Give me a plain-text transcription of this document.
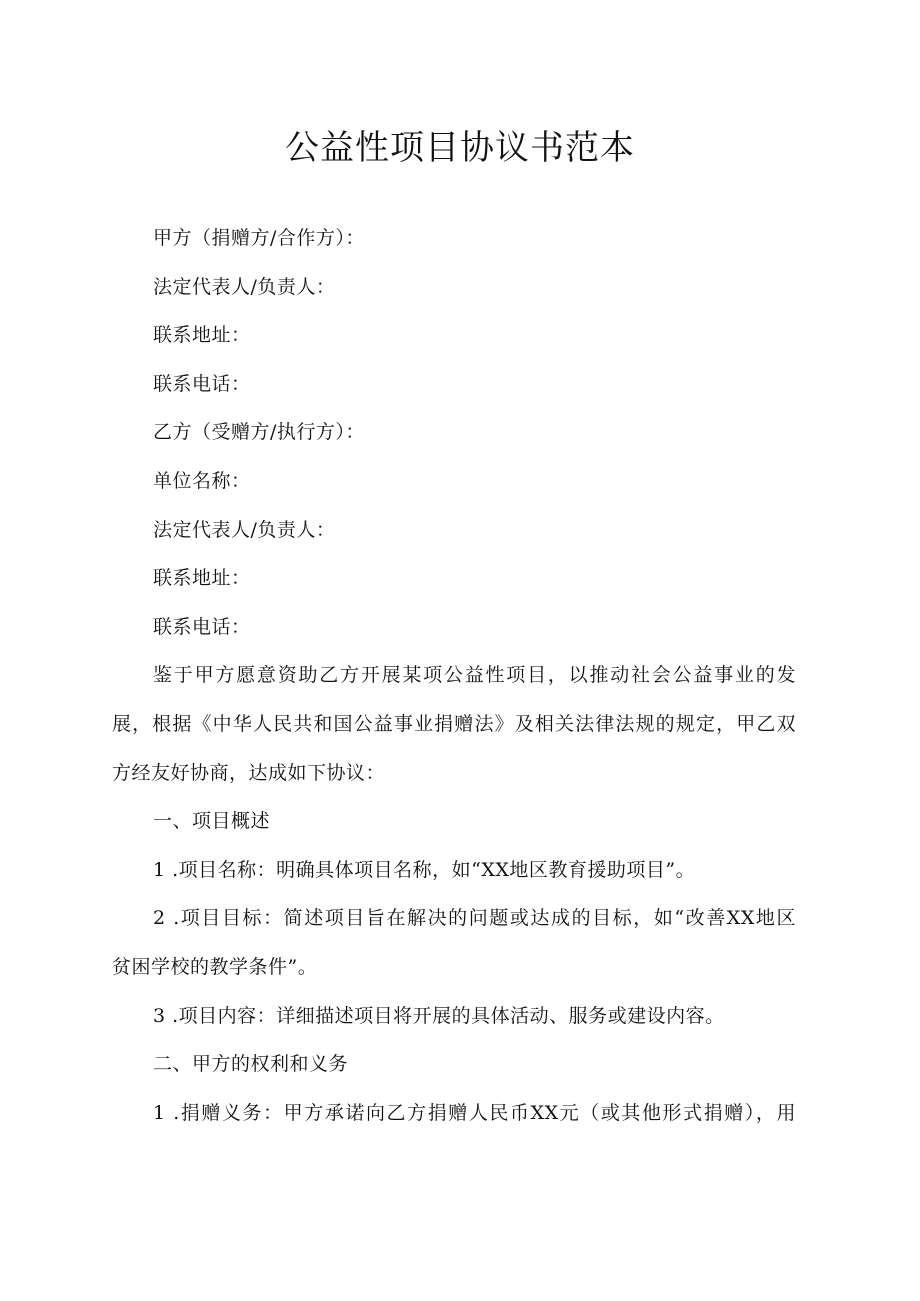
公益性项目协议书范本
甲方（捐赠方/合作方）：
法定代表人/负责人：
联系地址：
联系电话：
乙方（受赠方/执行方）：
单位名称：
法定代表人/负责人：
联系地址：
联系电话：
鉴于甲方愿意资助乙方开展某项公益性项目，以推动社会公益事业的发
展，根据《中华人民共和国公益事业捐赠法》及相关法律法规的规定，甲乙双
方经友好协商，达成如下协议：
一、项目概述
1 .项目名称：明确具体项目名称，如“XX地区教育援助项目”。
2 .项目目标：简述项目旨在解决的问题或达成的目标，如“改善XX地区
贫困学校的教学条件”。
3 .项目内容：详细描述项目将开展的具体活动、服务或建设内容。
二、甲方的权利和义务
1 .捐赠义务：甲方承诺向乙方捐赠人民币XX元（或其他形式捐赠），用
